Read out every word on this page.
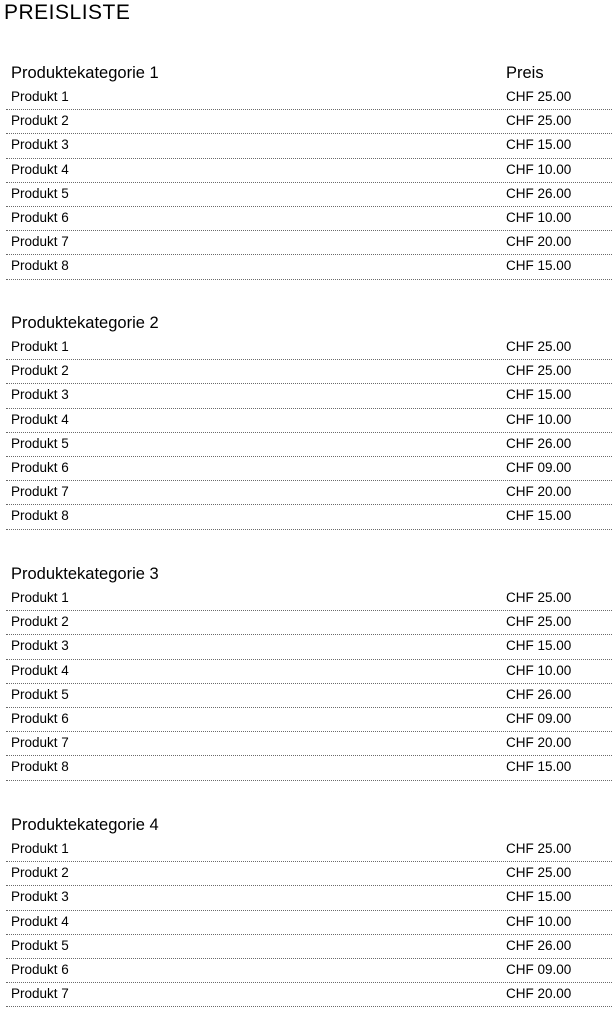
PREISLISTE
Produktekategorie 1	Preis
Produkt 1	CHF 25.00
Produkt 2	CHF 25.00
Produkt 3	CHF 15.00
Produkt 4	CHF 10.00
Produkt 5	CHF 26.00
Produkt 6	CHF 10.00
Produkt 7	CHF 20.00
Produkt 8	CHF 15.00
Produktekategorie 2
Produkt 1	CHF 25.00
Produkt 2	CHF 25.00
Produkt 3	CHF 15.00
Produkt 4	CHF 10.00
Produkt 5	CHF 26.00
Produkt 6	CHF 09.00
Produkt 7	CHF 20.00
Produkt 8	CHF 15.00
Produktekategorie 3
Produkt 1	CHF 25.00
Produkt 2	CHF 25.00
Produkt 3	CHF 15.00
Produkt 4	CHF 10.00
Produkt 5	CHF 26.00
Produkt 6	CHF 09.00
Produkt 7	CHF 20.00
Produkt 8	CHF 15.00
Produktekategorie 4
Produkt 1	CHF 25.00
Produkt 2	CHF 25.00
Produkt 3	CHF 15.00
Produkt 4	CHF 10.00
Produkt 5	CHF 26.00
Produkt 6	CHF 09.00
Produkt 7	CHF 20.00
